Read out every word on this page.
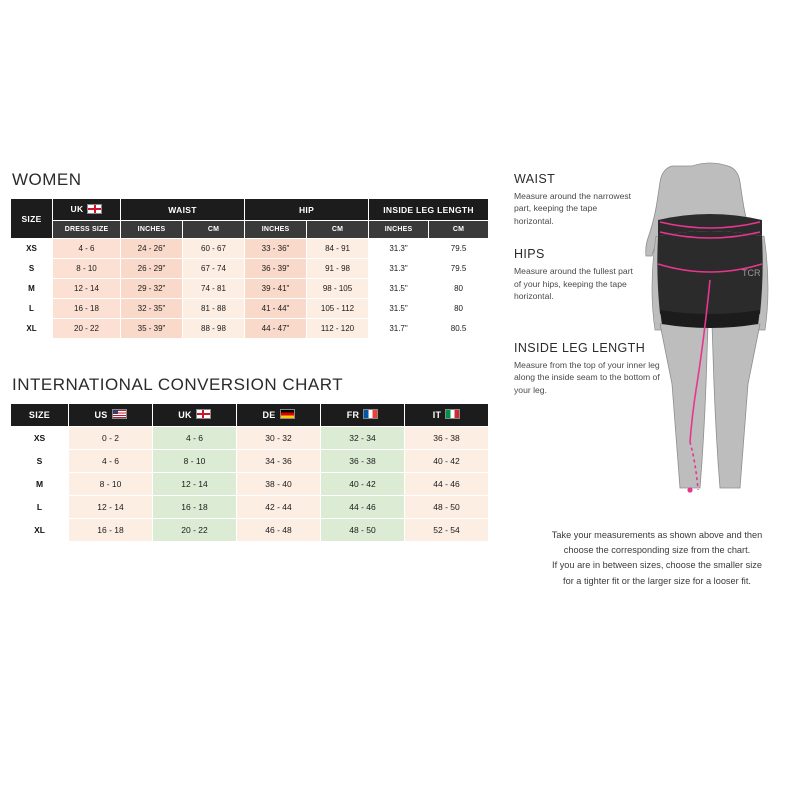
WOMEN
SIZE	UK	WAIST		HIP		INSIDE LEG LENGTH	
	DRESS SIZE	INCHES	CM	INCHES	CM	INCHES	CM
XS	4 - 6	24 - 26"	60 - 67	33 - 36"	84 - 91	31.3"	79.5
S	8 - 10	26 - 29"	67 - 74	36 - 39"	91 - 98	31.3"	79.5
M	12 - 14	29 - 32"	74 - 81	39 - 41"	98 - 105	31.5"	80
L	16 - 18	32 - 35"	81 - 88	41 - 44"	105 - 112	31.5"	80
XL	20 - 22	35 - 39"	88 - 98	44 - 47"	112 - 120	31.7"	80.5
INTERNATIONAL CONVERSION CHART
SIZE	US	UK	DE	FR	IT
XS	0 - 2	4 - 6	30 - 32	32 - 34	36 - 38
S	4 - 6	8 - 10	34 - 36	36 - 38	40 - 42
M	8 - 10	12 - 14	38 - 40	40 - 42	44 - 46
L	12 - 14	16 - 18	42 - 44	44 - 46	48 - 50
XL	16 - 18	20 - 22	46 - 48	48 - 50	52 - 54
WAIST

Measure around the narrowest part, keeping the tape horizontal.

HIPS

Measure around the fullest part of your hips, keeping the tape horizontal.

INSIDE LEG LENGTH

Measure from the top of your inner leg along the inside seam to the bottom of your leg.

TCR
Take your measurements as shown above and then
choose the corresponding size from the chart.
If you are in between sizes, choose the smaller size
for a tighter fit or the larger size for a looser fit.
